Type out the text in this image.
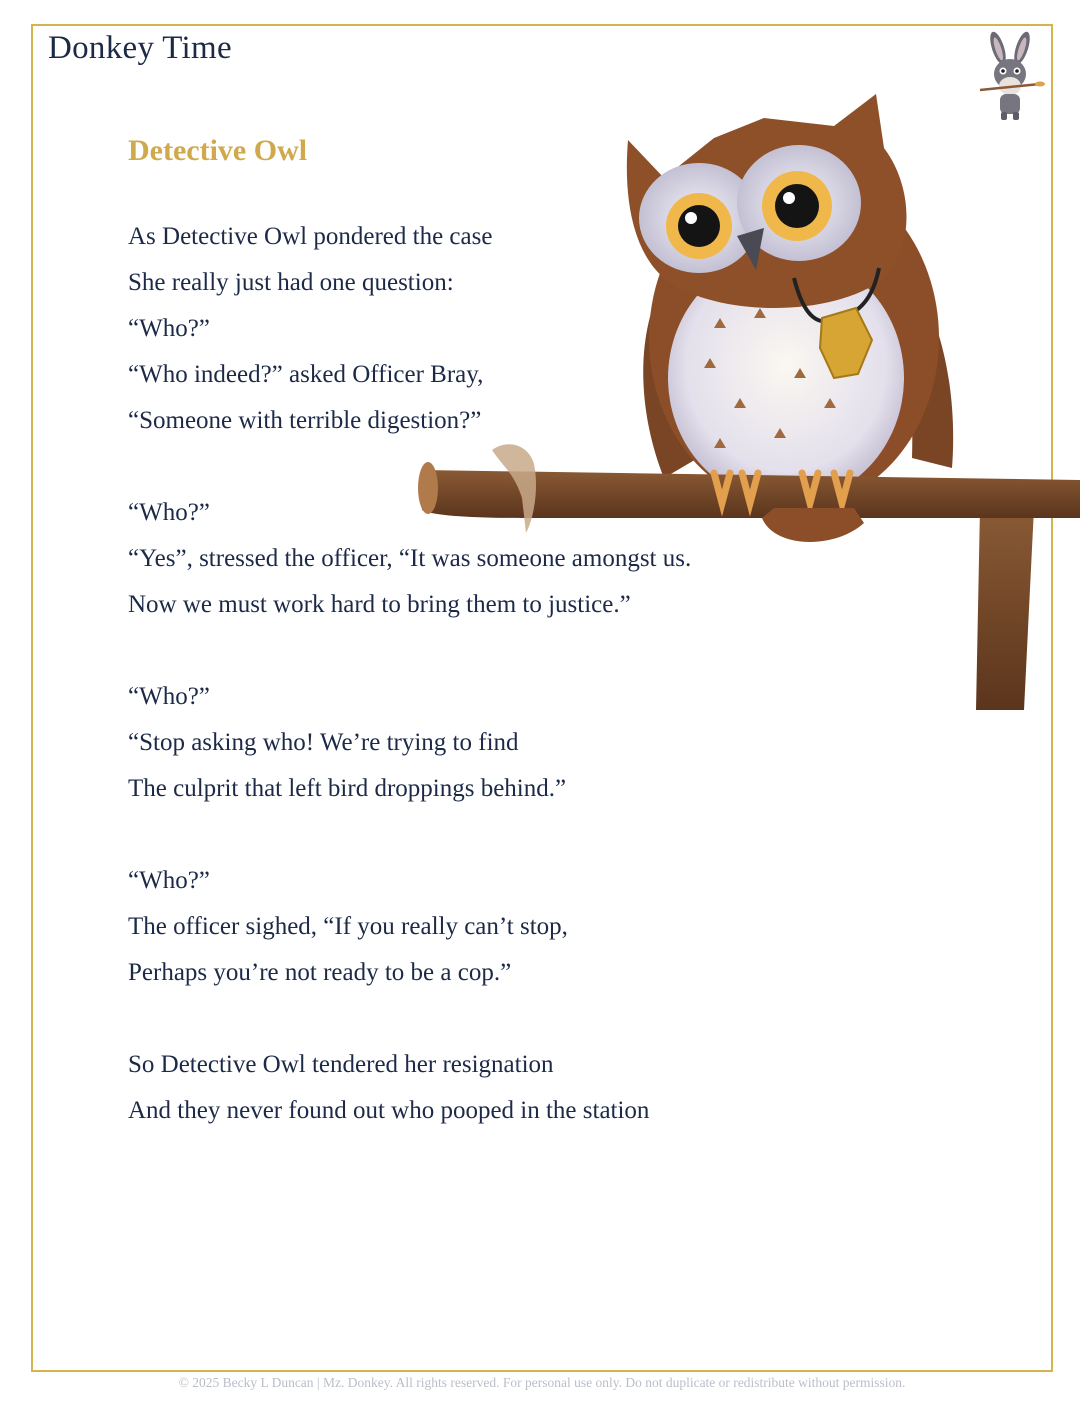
Donkey Time
Detective Owl
As Detective Owl pondered the case
She really just had one question:
“Who?”
“Who indeed?” asked Officer Bray,
“Someone with terrible digestion?”
“Who?”
“Yes”, stressed the officer, “It was someone amongst us.
Now we must work hard to bring them to justice.”
“Who?”
“Stop asking who! We’re trying to find
The culprit that left bird droppings behind.”
“Who?”
The officer sighed, “If you really can’t stop,
Perhaps you’re not ready to be a cop.”
So Detective Owl tendered her resignation
And they never found out who pooped in the station

© 2025 Becky L Duncan | Mz. Donkey. All rights reserved. For personal use only. Do not duplicate or redistribute without permission.
